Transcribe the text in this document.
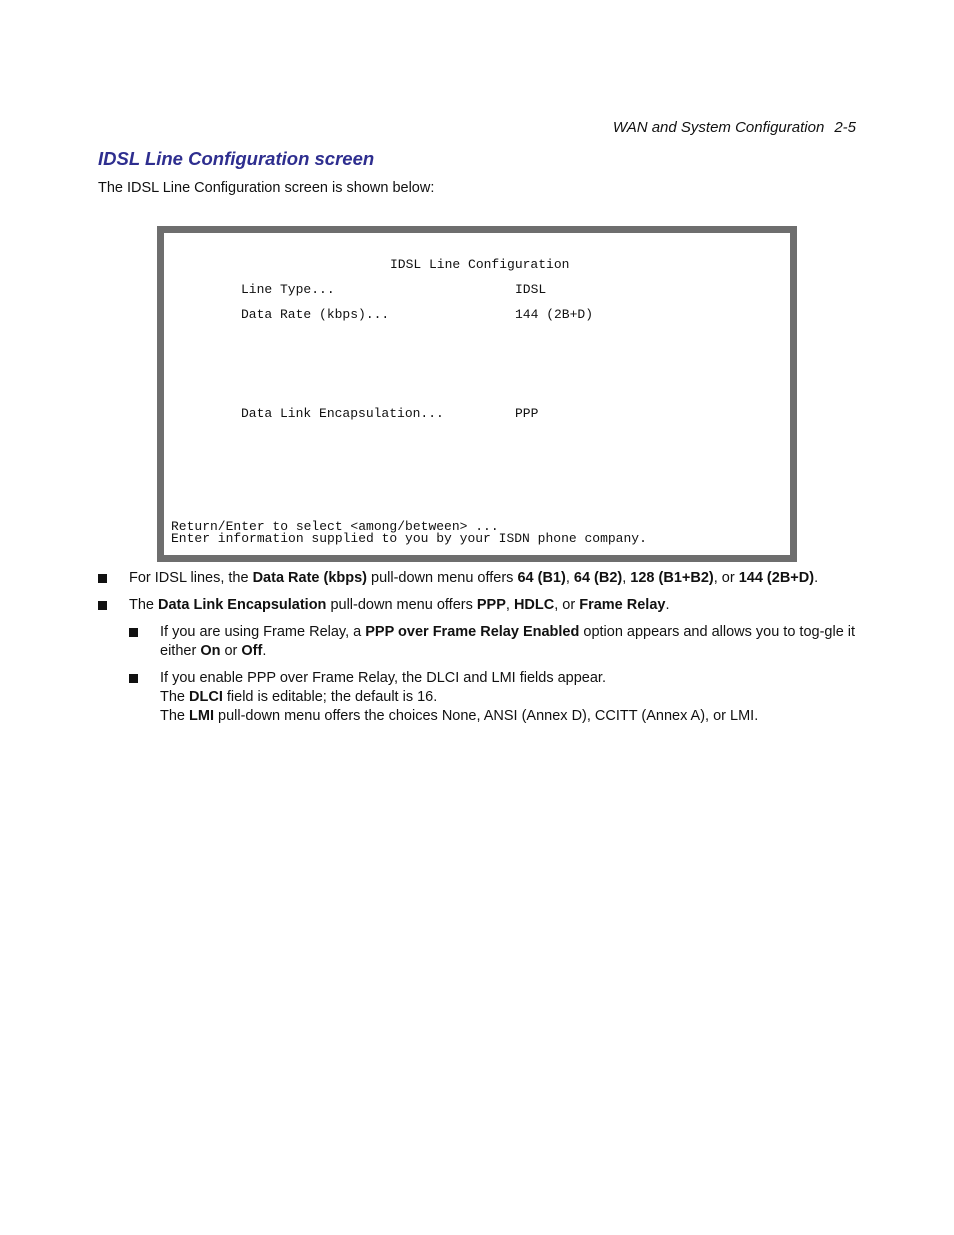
WAN and System Configuration 2-5
IDSL Line Configuration screen

The IDSL Line Configuration screen is shown below:

IDSL Line Configuration
Line Type...	IDSL
Data Rate (kbps)...	144 (2B+D)
Data Link Encapsulation...	PPP
Return/Enter to select <among/between> ...
Enter information supplied to you by your ISDN phone company.
For IDSL lines, the Data Rate (kbps) pull-down menu offers 64 (B1), 64 (B2), 128 (B1+B2), or 144 (2B+D).
The Data Link Encapsulation pull-down menu offers PPP, HDLC, or Frame Relay.
If you are using Frame Relay, a PPP over Frame Relay Enabled option appears and allows you to tog-gle it either On or Off.
If you enable PPP over Frame Relay, the DLCI and LMI fields appear.
The DLCI field is editable; the default is 16.
The LMI pull-down menu offers the choices None, ANSI (Annex D), CCITT (Annex A), or LMI.
